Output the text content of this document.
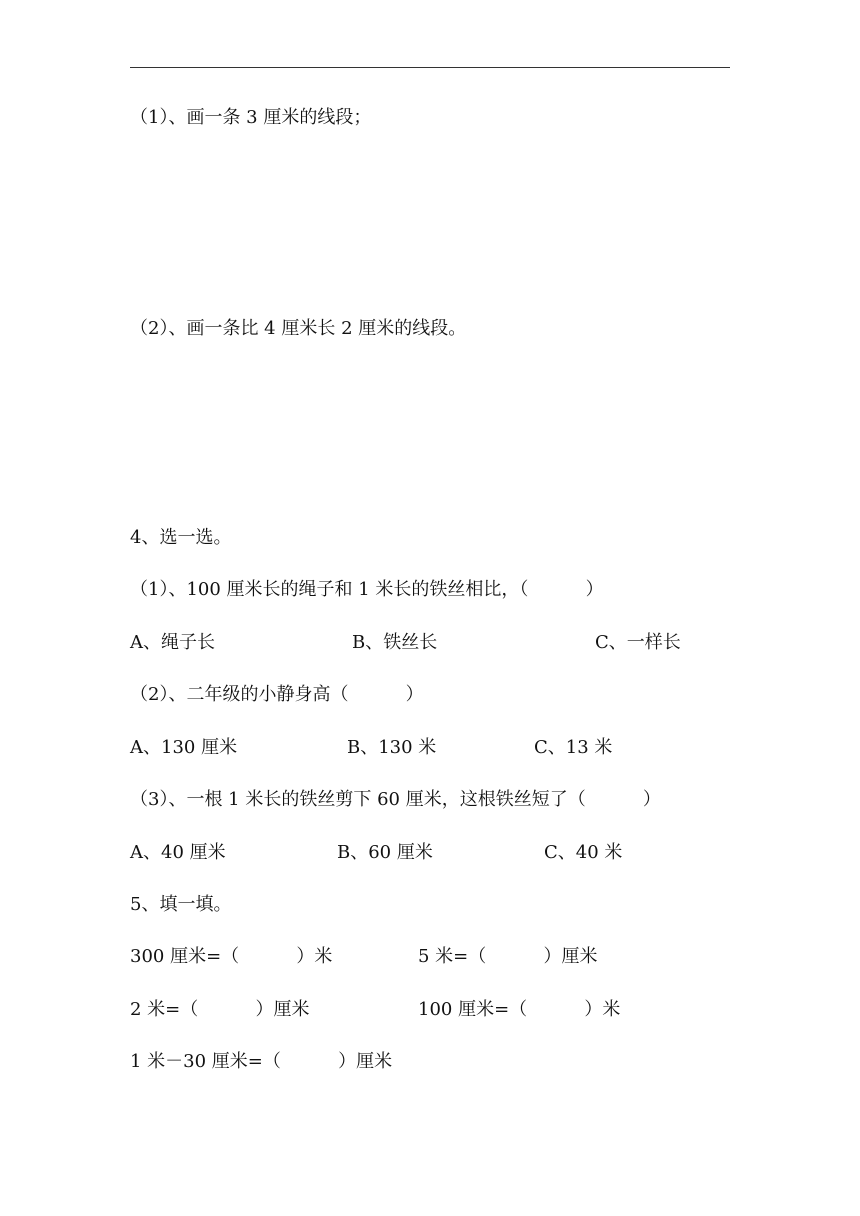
（1）、画一条 3 厘米的线段；
（2）、画一条比 4 厘米长 2 厘米的线段。
4、选一选。
（1）、100 厘米长的绳子和 1 米长的铁丝相比，（          ）
A、绳子长	B、铁丝长	C、一样长
（2）、二年级的小静身高（          ）
A、130 厘米	B、130 米	C、13 米
（3）、一根 1 米长的铁丝剪下 60 厘米，这根铁丝短了（          ）
A、40 厘米	B、60 厘米	C、40 米
5、填一填。
300 厘米=（          ）米	5 米=（          ）厘米
2 米=（          ）厘米	100 厘米=（          ）米
1 米－30 厘米=（          ）厘米
